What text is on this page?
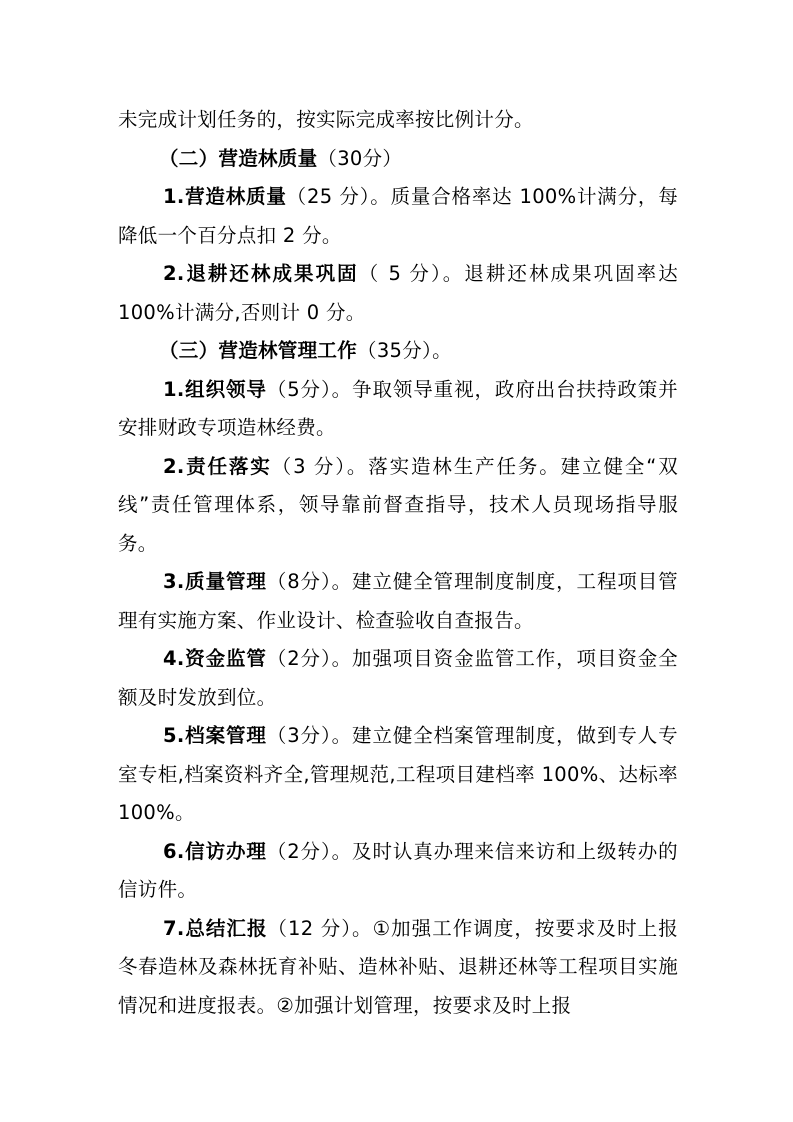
未完成计划任务的，按实际完成率按比例计分。

（二）营造林质量（30分）

1.营造林质量（25 分）。质量合格率达 100%计满分，每降低一个百分点扣 2 分。

2.退耕还林成果巩固（ 5 分）。退耕还林成果巩固率达 100%计满分,否则计 0 分。

（三）营造林管理工作（35分）。

1.组织领导（5分）。争取领导重视，政府出台扶持政策并安排财政专项造林经费。

2.责任落实（3 分）。落实造林生产任务。建立健全“双线”责任管理体系，领导靠前督查指导，技术人员现场指导服务。

3.质量管理（8分）。建立健全管理制度制度，工程项目管理有实施方案、作业设计、检查验收自查报告。

4.资金监管（2分）。加强项目资金监管工作，项目资金全额及时发放到位。

5.档案管理（3分）。建立健全档案管理制度，做到专人专室专柜,档案资料齐全,管理规范,工程项目建档率 100%、达标率 100%。

6.信访办理（2分）。及时认真办理来信来访和上级转办的信访件。

7.总结汇报（12 分）。①加强工作调度，按要求及时上报冬春造林及森林抚育补贴、造林补贴、退耕还林等工程项目实施情况和进度报表。②加强计划管理，按要求及时上报
